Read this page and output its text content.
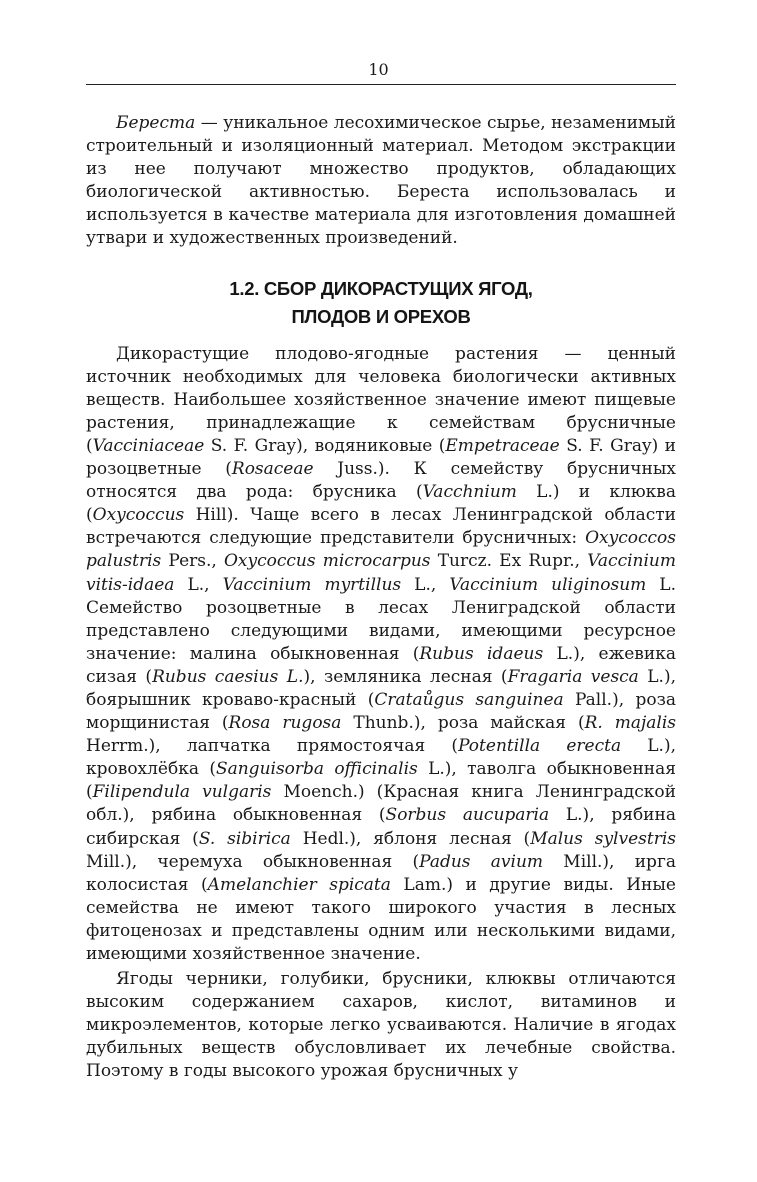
10

Береста — уникальное лесохимическое сырье, незаменимый строительный и изоляционный материал. Методом экстракции из нее получают множество продуктов, обладающих биологической активностью. Береста использовалась и используется в качестве материала для изготовления домашней утвари и художественных произведений.

1.2. СБОР ДИКОРАСТУЩИХ ЯГОД,
ПЛОДОВ И ОРЕХОВ

Дикорастущие плодово-ягодные растения — ценный источник необходимых для человека биологически активных веществ. Наибольшее хозяйственное значение имеют пищевые растения, принадлежащие к семействам брусничные (Vacciniaceae S. F. Gray), водяниковые (Empetraceae S. F. Gray) и розоцветные (Rosaceae Juss.). К семейству брусничных относятся два рода: брусника (Vacchnium L.) и клюква (Oxycoccus Hill). Чаще всего в лесах Ленинградской области встречаются следующие представители брусничных: Oxycoccos palustris Pers., Oxycoccus microcarpus Turcz. Ex Rupr., Vaccinium vitis-idaea L., Vaccinium myrtillus L., Vaccinium uliginosum L. Семейство розоцветные в лесах Лениградской области представлено следующими видами, имеющими ресурсное значение: малина обыкновенная (Rubus idaeus L.), ежевика сизая (Rubus caesius L.), земляника лесная (Fragaria vesca L.), боярышник кроваво-красный (Cratаůgus sanguinea Pall.), роза морщинистая (Rosa rugosa Thunb.), роза майская (R. majalis Herrm.), лапчатка прямостоячая (Potentilla erecta L.), кровохлёбка (Sanguisorba officinalis L.), таволга обыкновенная (Filipendula vulgaris Moench.) (Красная книга Ленинградской обл.), рябина обыкновенная (Sorbus aucuparia L.), рябина сибирская (S. sibirica Hedl.), яблоня лесная (Malus sylvestris Mill.), черемуха обыкновенная (Padus avium Mill.), ирга колосистая (Amelanchier spicata Lam.) и другие виды. Иные семейства не имеют такого широкого участия в лесных фитоценозах и представлены одним или несколькими видами, имеющими хозяйственное значение.

Ягоды черники, голубики, брусники, клюквы отличаются высоким содержанием сахаров, кислот, витаминов и микроэлементов, которые легко усваиваются. Наличие в ягодах дубильных веществ обусловливает их лечебные свойства. Поэтому в годы высокого урожая брусничных у
